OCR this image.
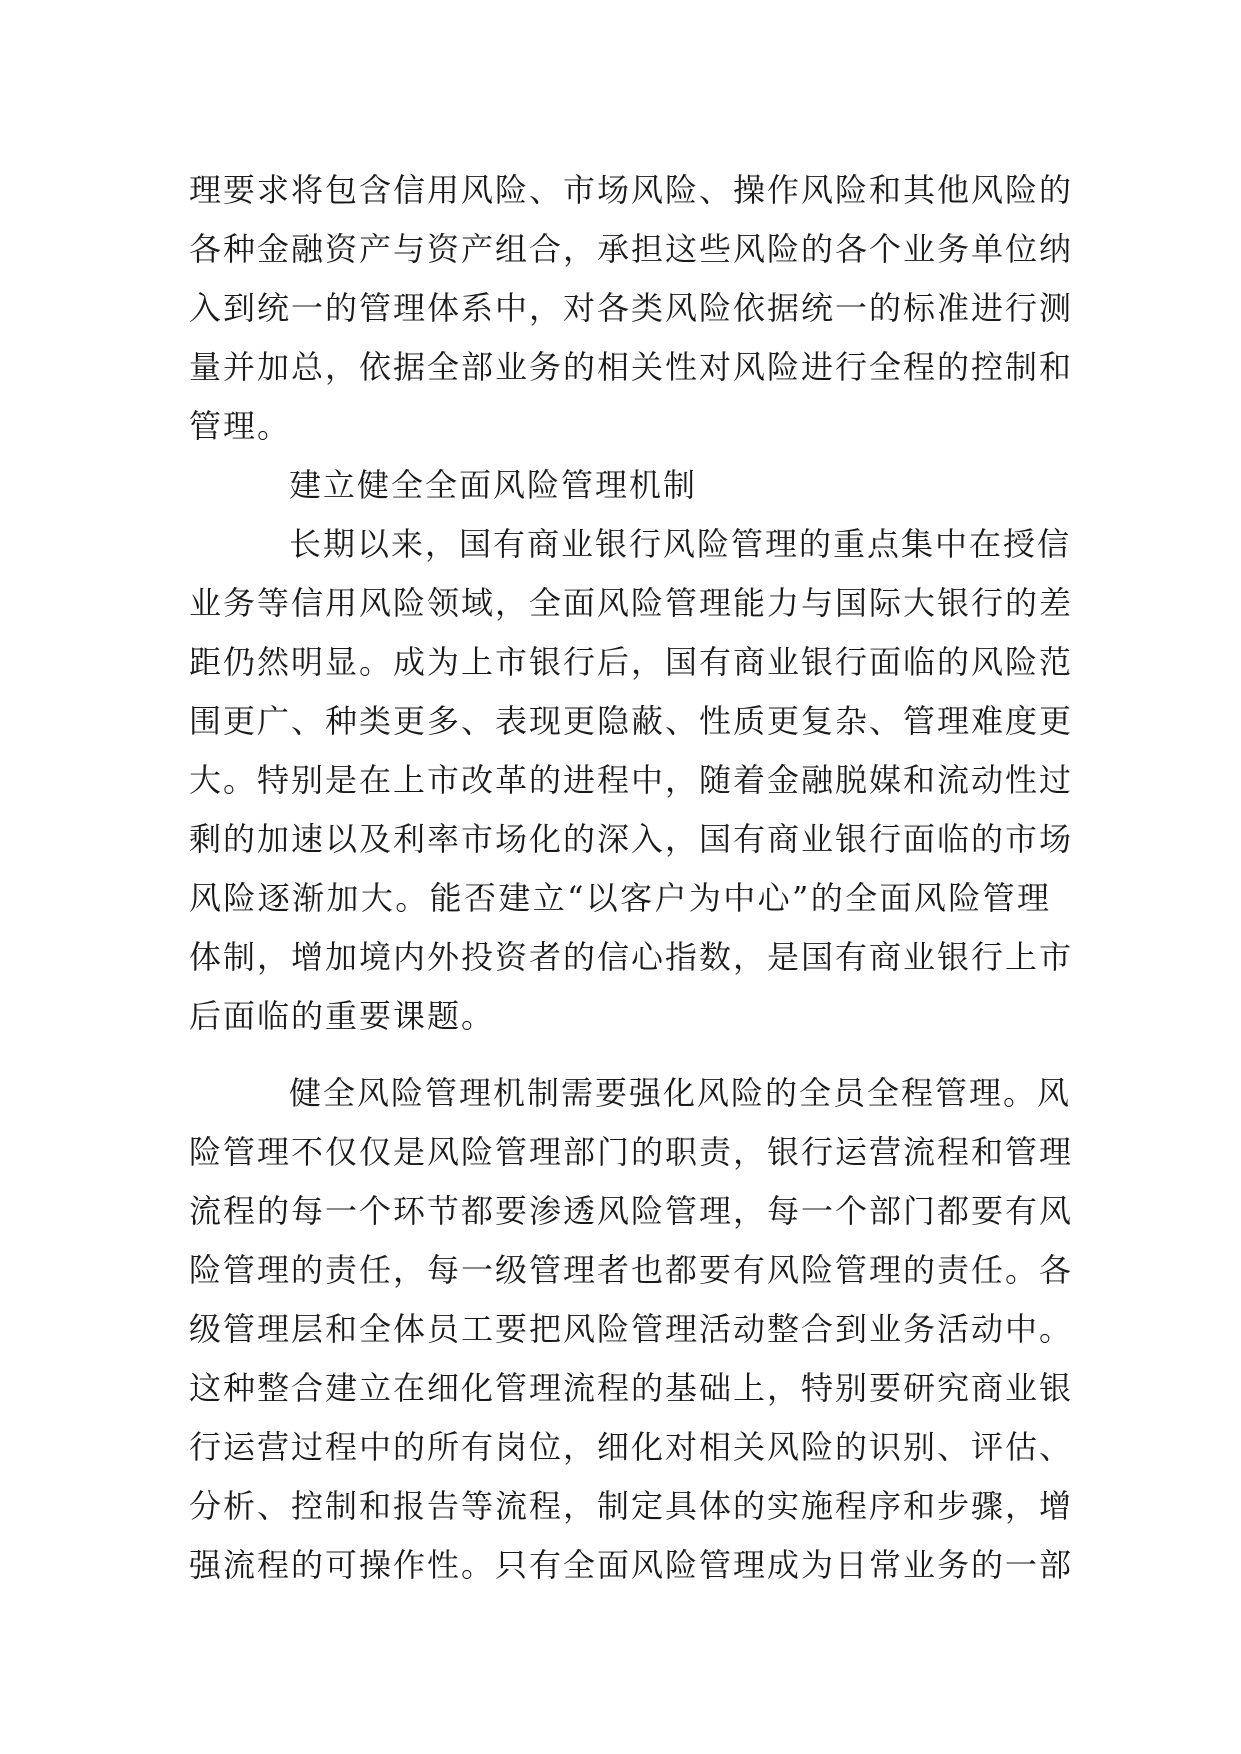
理要求将包含信用风险、市场风险、操作风险和其他风险的

各种金融资产与资产组合，承担这些风险的各个业务单位纳

入到统一的管理体系中，对各类风险依据统一的标准进行测

量并加总，依据全部业务的相关性对风险进行全程的控制和

管理。

建立健全全面风险管理机制

长期以来，国有商业银行风险管理的重点集中在授信

业务等信用风险领域，全面风险管理能力与国际大银行的差

距仍然明显。成为上市银行后，国有商业银行面临的风险范

围更广、种类更多、表现更隐蔽、性质更复杂、管理难度更

大。特别是在上市改革的进程中，随着金融脱媒和流动性过

剩的加速以及利率市场化的深入，国有商业银行面临的市场

风险逐渐加大。能否建立“以客户为中心”的全面风险管理

体制，增加境内外投资者的信心指数，是国有商业银行上市

后面临的重要课题。

健全风险管理机制需要强化风险的全员全程管理。风

险管理不仅仅是风险管理部门的职责，银行运营流程和管理

流程的每一个环节都要渗透风险管理，每一个部门都要有风

险管理的责任，每一级管理者也都要有风险管理的责任。各

级管理层和全体员工要把风险管理活动整合到业务活动中。

这种整合建立在细化管理流程的基础上，特别要研究商业银

行运营过程中的所有岗位，细化对相关风险的识别、评估、

分析、控制和报告等流程，制定具体的实施程序和步骤，增

强流程的可操作性。只有全面风险管理成为日常业务的一部
